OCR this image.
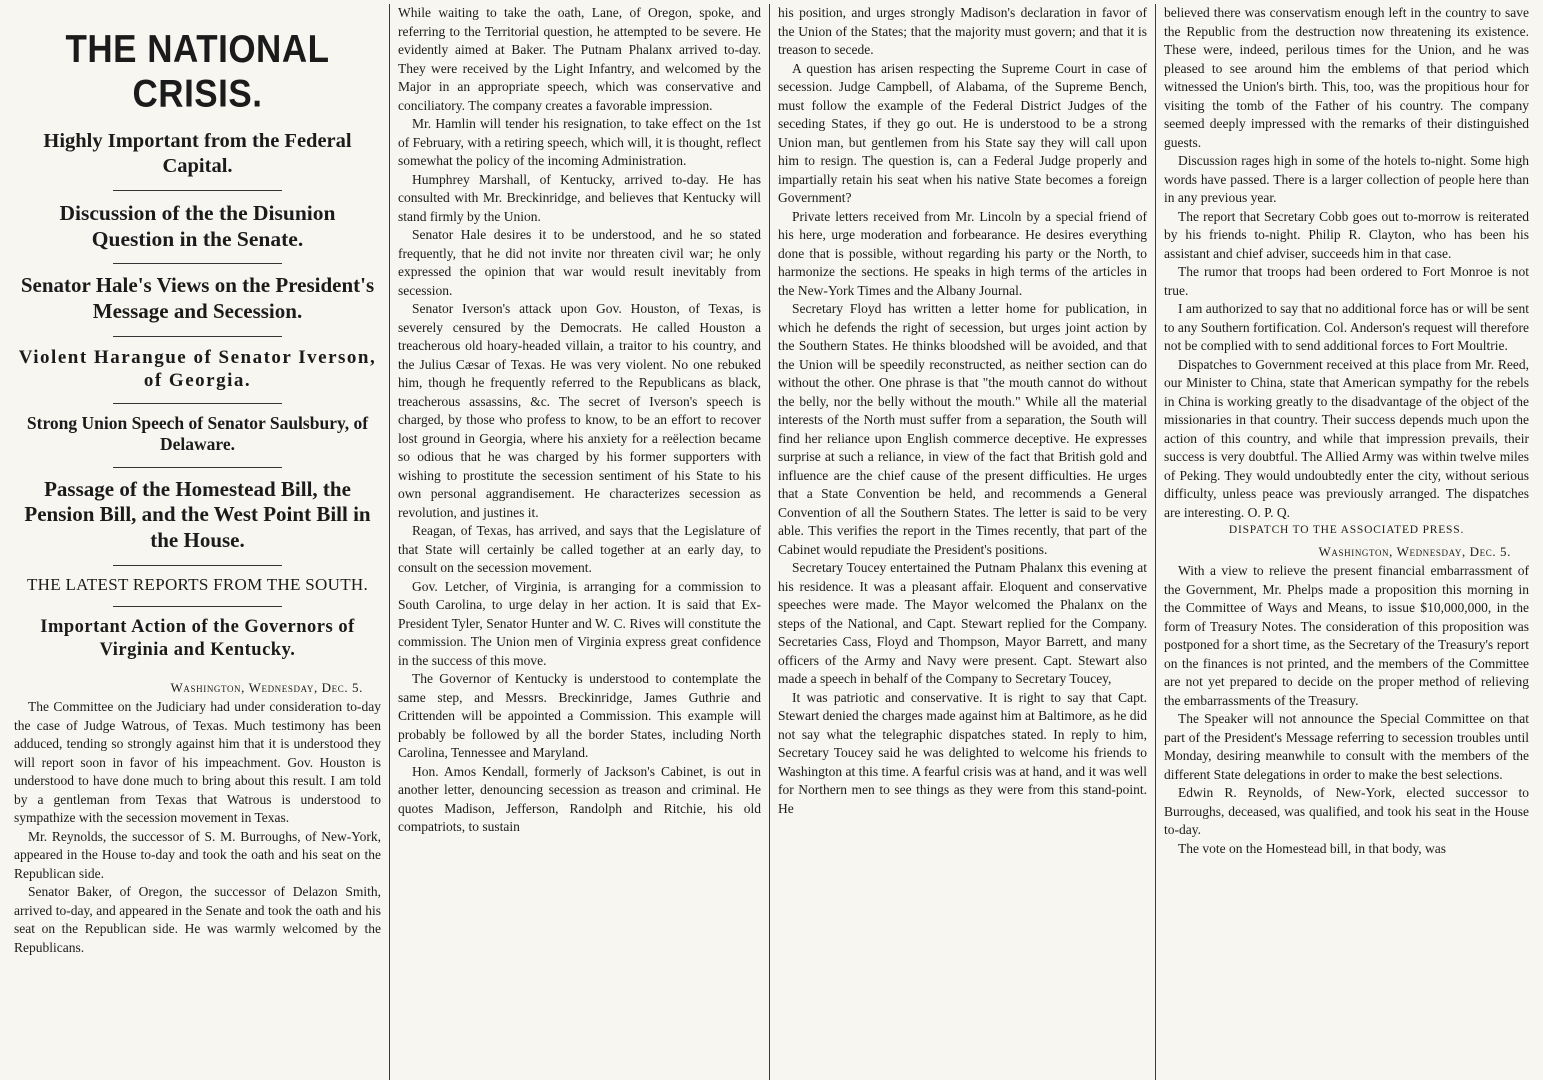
THE NATIONAL CRISIS.
Highly Important from the Federal Capital.
Discussion of the the Disunion Question in the Senate.
Senator Hale's Views on the President's Message and Secession.
Violent Harangue of Senator Iverson, of Georgia.
Strong Union Speech of Senator Saulsbury, of Delaware.
Passage of the Homestead Bill, the Pension Bill, and the West Point Bill in the House.
THE LATEST REPORTS FROM THE SOUTH.
Important Action of the Governors of Virginia and Kentucky.
Washington, Wednesday, Dec. 5.

The Committee on the Judiciary had under consideration to-day the case of Judge Watrous, of Texas. Much testimony has been adduced, tending so strongly against him that it is understood they will report soon in favor of his impeachment. Gov. Houston is understood to have done much to bring about this result. I am told by a gentleman from Texas that Watrous is understood to sympathize with the secession movement in Texas.

Mr. Reynolds, the successor of S. M. Burroughs, of New-York, appeared in the House to-day and took the oath and his seat on the Republican side.

Senator Baker, of Oregon, the successor of Delazon Smith, arrived to-day, and appeared in the Senate and took the oath and his seat on the Republican side. He was warmly welcomed by the Republicans.

While waiting to take the oath, Lane, of Oregon, spoke, and referring to the Territorial question, he attempted to be severe. He evidently aimed at Baker. The Putnam Phalanx arrived to-day. They were received by the Light Infantry, and welcomed by the Major in an appropriate speech, which was conservative and conciliatory. The company creates a favorable impression.

Mr. Hamlin will tender his resignation, to take effect on the 1st of February, with a retiring speech, which will, it is thought, reflect somewhat the policy of the incoming Administration.

Humphrey Marshall, of Kentucky, arrived to-day. He has consulted with Mr. Breckinridge, and believes that Kentucky will stand firmly by the Union.

Senator Hale desires it to be understood, and he so stated frequently, that he did not invite nor threaten civil war; he only expressed the opinion that war would result inevitably from secession.

Senator Iverson's attack upon Gov. Houston, of Texas, is severely censured by the Democrats. He called Houston a treacherous old hoary-headed villain, a traitor to his country, and the Julius Cæsar of Texas. He was very violent. No one rebuked him, though he frequently referred to the Republicans as black, treacherous assassins, &c. The secret of Iverson's speech is charged, by those who profess to know, to be an effort to recover lost ground in Georgia, where his anxiety for a reëlection became so odious that he was charged by his former supporters with wishing to prostitute the secession sentiment of his State to his own personal aggrandisement. He characterizes secession as revolution, and justines it.

Reagan, of Texas, has arrived, and says that the Legislature of that State will certainly be called together at an early day, to consult on the secession movement.

Gov. Letcher, of Virginia, is arranging for a commission to South Carolina, to urge delay in her action. It is said that Ex-President Tyler, Senator Hunter and W. C. Rives will constitute the commission. The Union men of Virginia express great confidence in the success of this move.

The Governor of Kentucky is understood to contemplate the same step, and Messrs. Breckinridge, James Guthrie and Crittenden will be appointed a Commission. This example will probably be followed by all the border States, including North Carolina, Tennessee and Maryland.

Hon. Amos Kendall, formerly of Jackson's Cabinet, is out in another letter, denouncing secession as treason and criminal. He quotes Madison, Jefferson, Randolph and Ritchie, his old compatriots, to sustain

his position, and urges strongly Madison's declaration in favor of the Union of the States; that the majority must govern; and that it is treason to secede.

A question has arisen respecting the Supreme Court in case of secession. Judge Campbell, of Alabama, of the Supreme Bench, must follow the example of the Federal District Judges of the seceding States, if they go out. He is understood to be a strong Union man, but gentlemen from his State say they will call upon him to resign. The question is, can a Federal Judge properly and impartially retain his seat when his native State becomes a foreign Government?

Private letters received from Mr. Lincoln by a special friend of his here, urge moderation and forbearance. He desires everything done that is possible, without regarding his party or the North, to harmonize the sections. He speaks in high terms of the articles in the New-York Times and the Albany Journal.

Secretary Floyd has written a letter home for publication, in which he defends the right of secession, but urges joint action by the Southern States. He thinks bloodshed will be avoided, and that the Union will be speedily reconstructed, as neither section can do without the other. One phrase is that "the mouth cannot do without the belly, nor the belly without the mouth." While all the material interests of the North must suffer from a separation, the South will find her reliance upon English commerce deceptive. He expresses surprise at such a reliance, in view of the fact that British gold and influence are the chief cause of the present difficulties. He urges that a State Convention be held, and recommends a General Convention of all the Southern States. The letter is said to be very able. This verifies the report in the Times recently, that part of the Cabinet would repudiate the President's positions.

Secretary Toucey entertained the Putnam Phalanx this evening at his residence. It was a pleasant affair. Eloquent and conservative speeches were made. The Mayor welcomed the Phalanx on the steps of the National, and Capt. Stewart replied for the Company. Secretaries Cass, Floyd and Thompson, Mayor Barrett, and many officers of the Army and Navy were present. Capt. Stewart also made a speech in behalf of the Company to Secretary Toucey,

It was patriotic and conservative. It is right to say that Capt. Stewart denied the charges made against him at Baltimore, as he did not say what the telegraphic dispatches stated. In reply to him, Secretary Toucey said he was delighted to welcome his friends to Washington at this time. A fearful crisis was at hand, and it was well for Northern men to see things as they were from this stand-point. He

believed there was conservatism enough left in the country to save the Republic from the destruction now threatening its existence. These were, indeed, perilous times for the Union, and he was pleased to see around him the emblems of that period which witnessed the Union's birth. This, too, was the propitious hour for visiting the tomb of the Father of his country. The company seemed deeply impressed with the remarks of their distinguished guests.

Discussion rages high in some of the hotels to-night. Some high words have passed. There is a larger collection of people here than in any previous year.

The report that Secretary Cobb goes out to-morrow is reiterated by his friends to-night. Philip R. Clayton, who has been his assistant and chief adviser, succeeds him in that case.

The rumor that troops had been ordered to Fort Monroe is not true.

I am authorized to say that no additional force has or will be sent to any Southern fortification. Col. Anderson's request will therefore not be complied with to send additional forces to Fort Moultrie.

Dispatches to Government received at this place from Mr. Reed, our Minister to China, state that American sympathy for the rebels in China is working greatly to the disadvantage of the object of the missionaries in that country. Their success depends much upon the action of this country, and while that impression prevails, their success is very doubtful. The Allied Army was within twelve miles of Peking. They would undoubtedly enter the city, without serious difficulty, unless peace was previously arranged. The dispatches are interesting. O. P. Q.

DISPATCH TO THE ASSOCIATED PRESS.
Washington, Wednesday, Dec. 5.

With a view to relieve the present financial embarrassment of the Government, Mr. Phelps made a proposition this morning in the Committee of Ways and Means, to issue $10,000,000, in the form of Treasury Notes. The consideration of this proposition was postponed for a short time, as the Secretary of the Treasury's report on the finances is not printed, and the members of the Committee are not yet prepared to decide on the proper method of relieving the embarrassments of the Treasury.

The Speaker will not announce the Special Committee on that part of the President's Message referring to secession troubles until Monday, desiring meanwhile to consult with the members of the different State delegations in order to make the best selections.

Edwin R. Reynolds, of New-York, elected successor to Burroughs, deceased, was qualified, and took his seat in the House to-day.

The vote on the Homestead bill, in that body, was
